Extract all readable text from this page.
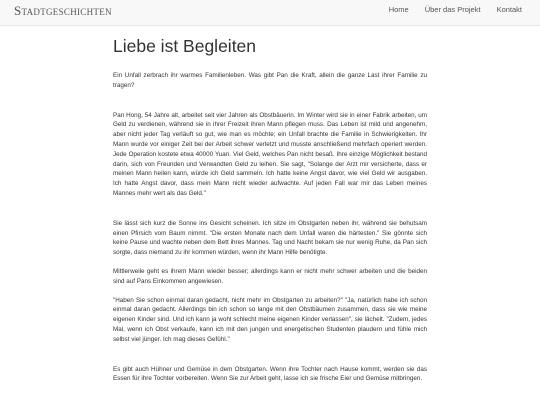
Stadtgeschichten	Home	Über das Projekt	Kontakt
Liebe ist Begleiten

Ein Unfall zerbrach ihr warmes Familienleben. Was gibt Pan die Kraft, allein die ganze Last ihrer Familie zu tragen?

Pan Hong, 54 Jahre alt, arbeitet seit vier Jahren als Obstbäuerin. Im Winter wird sie in einer Fabrik arbeiten, um Geld zu verdienen, während sie in ihrer Freizeit ihren Mann pflegen muss. Das Leben ist mild und angenehm, aber nicht jeder Tag verläuft so gut, wie man es möchte; ein Unfall brachte die Familie in Schwierigkeiten. Ihr Mann wurde vor einiger Zeit bei der Arbeit schwer verletzt und musste anschließend mehrfach operiert werden. Jede Operation kostete etwa 40000 Yuan. Viel Geld, welches Pan nicht besaß. Ihre einzige Möglichkeit bestand darin, sich von Freunden und Verwandten Geld zu leihen. Sie sagt, "Solange der Arzt mir versicherte, dass er meinen Mann heilen kann, würde ich Geld sammeln. Ich hatte keine Angst davor, wie viel Geld wir ausgaben. Ich hatte Angst davor, dass mein Mann nicht wieder aufwachte. Auf jeden Fall war mir das Leben meines Mannes mehr wert als das Geld."

Sie lässt sich kurz die Sonne ins Gesicht scheinen. Ich sitze im Obstgarten neben ihr, während sie behutsam einen Pfirsich vom Baum nimmt. "Die ersten Monate nach dem Unfall waren die härtesten." Sie gönnte sich keine Pause und wachte neben dem Bett ihres Mannes. Tag und Nacht bekam sie nur wenig Ruhe, da Pan sich sorgte, dass niemand zu ihr kommen würden, wenn ihr Mann Hilfe benötigte.

Mittlerweile geht es ihrem Mann wieder besser; allerdings kann er nicht mehr schwer arbeiten und die beiden sind auf Pans Einkommen angewiesen.

"Haben Sie schon einmal daran gedacht, nicht mehr im Obstgarten zu arbeiten?" "Ja, natürlich habe ich schon einmal daran gedacht. Allerdings bin ich schon so lange mit den Obstbäumen zusammen, dass sie wie meine eigenen Kinder sind. Und ich kann ja wohl schlecht meine eigenen Kinder verlassen", sie lächelt. "Zudem, jedes Mal, wenn ich Obst verkaufe, kann ich mit den jungen und energetischen Studenten plaudern und fühle mich selbst viel jünger. Ich mag dieses Gefühl."

Es gibt auch Hühner und Gemüse in dem Obstgarten. Wenn ihre Tochter nach Hause kommt, werden sie das Essen für ihre Tochter vorbereiten. Wenn Sie zur Arbeit geht, lasse ich sie frische Eier und Gemüse mitbringen.
